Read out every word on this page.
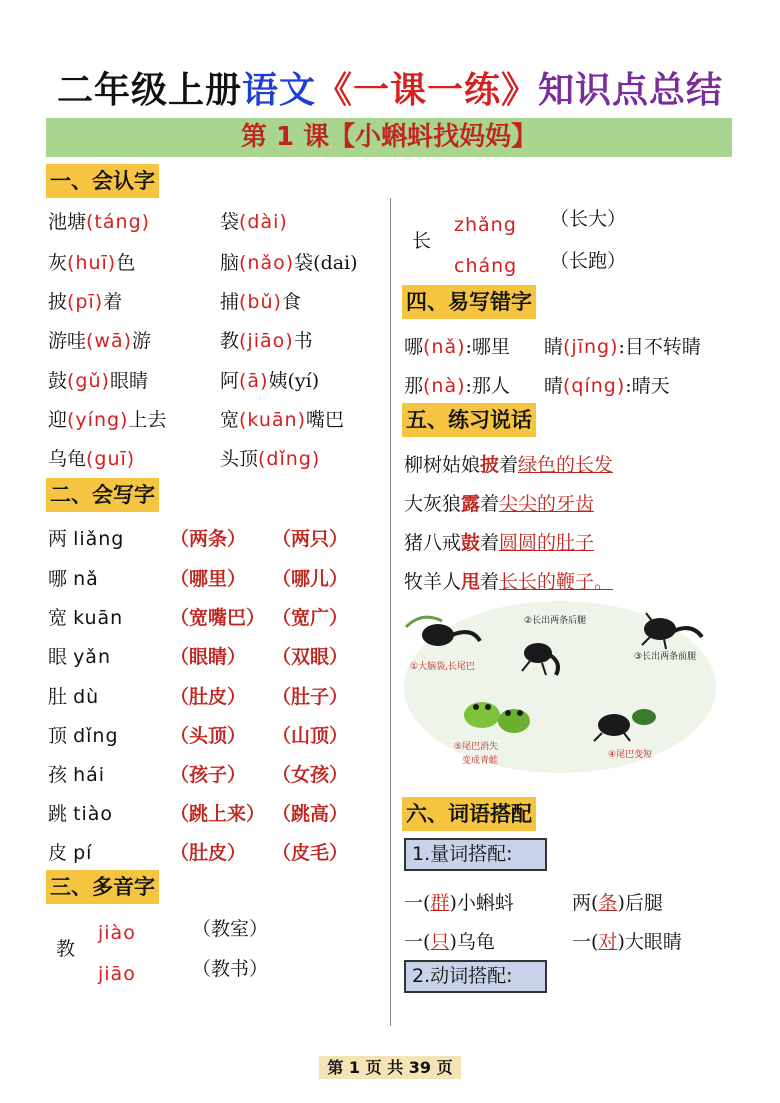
二年级上册语文《一课一练》知识点总结
第 1 课【小蝌蚪找妈妈】
一、会认字
池塘(táng)	袋(dài)
灰(huī)色	脑(nǎo)袋(dai)
披(pī)着	捕(bǔ)食
游哇(wā)游	教(jiāo)书
鼓(gǔ)眼睛	阿(ā)姨(yí)
迎(yíng)上去	宽(kuān)嘴巴
乌龟(guī)	头顶(dǐng)
二、会写字
两 liǎng （两条） （两只）
哪 nǎ	（哪里） （哪儿）
宽 kuān （宽嘴巴） （宽广）
眼 yǎn	（眼睛） （双眼）
肚 dù	（肚皮） （肚子）
顶 dǐng	（头顶） （山顶）
孩 hái	（孩子） （女孩）
跳 tiào	（跳上来） （跳高）
皮 pí	（肚皮） （皮毛）
三、多音字
教
jiào	（教室）
jiāo	（教书）
长
zhǎng （长大）
cháng （长跑）
四、易写错字
哪(nǎ):哪里 睛(jīng):目不转睛
那(nà):那人 晴(qíng):晴天
五、练习说话
柳树姑娘披着绿色的长发
大灰狼露着尖尖的牙齿
猪八戒鼓着圆圆的肚子
牧羊人甩着长长的鞭子。
①大脑袋,长尾巴
②长出两条后腿
③长出两条前腿
⑤尾巴消失
变成青蛙
④尾巴变短
六、词语搭配
1.量词搭配:
一(群)小蝌蚪	两(条)后腿
一(只)乌龟	一(对)大眼睛
2.动词搭配:
第 1 页 共 39 页
